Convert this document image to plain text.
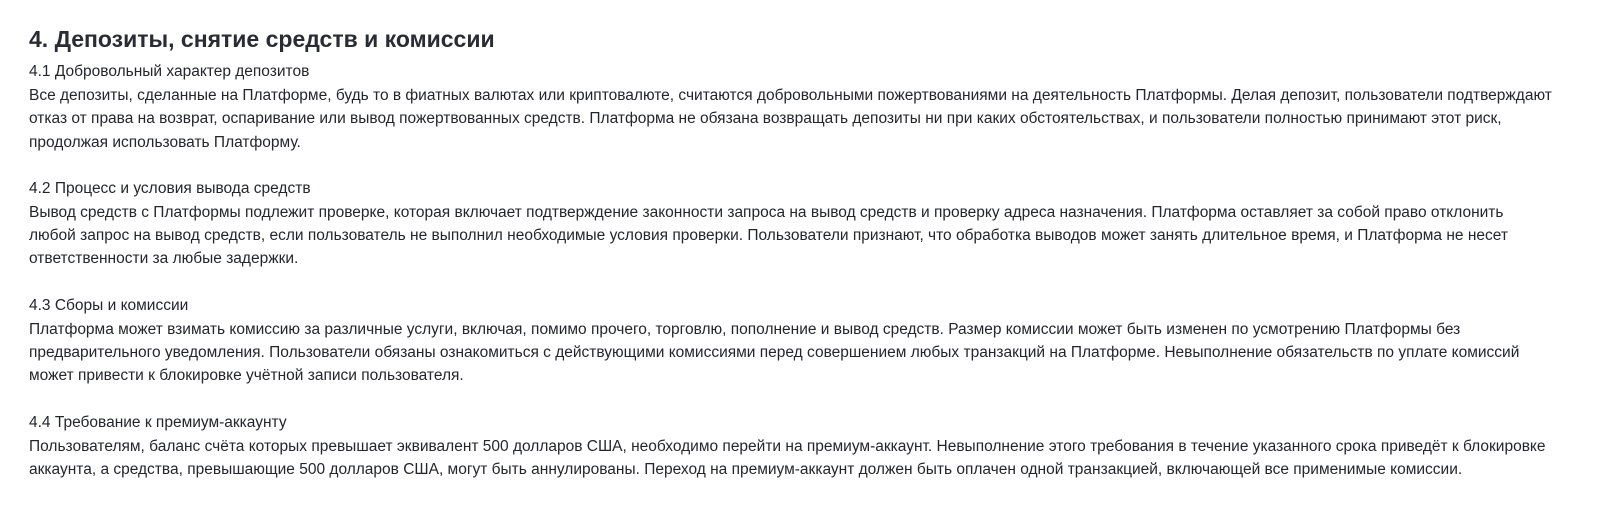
4. Депозиты, снятие средств и комиссии
4.1 Добровольный характер депозитов
Все депозиты, сделанные на Платформе, будь то в фиатных валютах или криптовалюте, считаются добровольными пожертвованиями на деятельность Платформы. Делая депозит, пользователи подтверждают отказ от права на возврат, оспаривание или вывод пожертвованных средств. Платформа не обязана возвращать депозиты ни при каких обстоятельствах, и пользователи полностью принимают этот риск, продолжая использовать Платформу.
4.2 Процесс и условия вывода средств
Вывод средств с Платформы подлежит проверке, которая включает подтверждение законности запроса на вывод средств и проверку адреса назначения. Платформа оставляет за собой право отклонить любой запрос на вывод средств, если пользователь не выполнил необходимые условия проверки. Пользователи признают, что обработка выводов может занять длительное время, и Платформа не несет ответственности за любые задержки.
4.3 Сборы и комиссии
Платформа может взимать комиссию за различные услуги, включая, помимо прочего, торговлю, пополнение и вывод средств. Размер комиссии может быть изменен по усмотрению Платформы без предварительного уведомления. Пользователи обязаны ознакомиться с действующими комиссиями перед совершением любых транзакций на Платформе. Невыполнение обязательств по уплате комиссий может привести к блокировке учётной записи пользователя.
4.4 Требование к премиум-аккаунту
Пользователям, баланс счёта которых превышает эквивалент 500 долларов США, необходимо перейти на премиум-аккаунт. Невыполнение этого требования в течение указанного срока приведёт к блокировке аккаунта, а средства, превышающие 500 долларов США, могут быть аннулированы. Переход на премиум-аккаунт должен быть оплачен одной транзакцией, включающей все применимые комиссии.
